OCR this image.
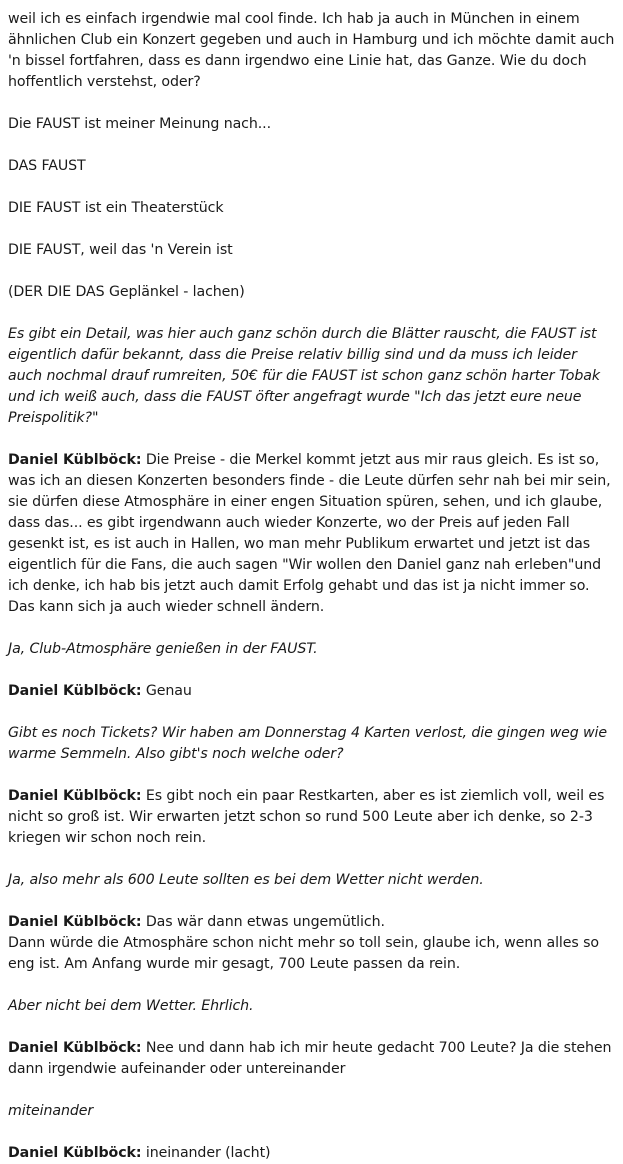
weil ich es einfach irgendwie mal cool finde. Ich hab ja auch in München in einem ähnlichen Club ein Konzert gegeben und auch in Hamburg und ich möchte damit auch 'n bissel fortfahren, dass es dann irgendwo eine Linie hat, das Ganze. Wie du doch hoffentlich verstehst, oder?

Die FAUST ist meiner Meinung nach...

DAS FAUST

DIE FAUST ist ein Theaterstück

DIE FAUST, weil das 'n Verein ist

(DER DIE DAS Geplänkel - lachen)

Es gibt ein Detail, was hier auch ganz schön durch die Blätter rauscht, die FAUST ist eigentlich dafür bekannt, dass die Preise relativ billig sind und da muss ich leider auch nochmal drauf rumreiten, 50€ für die FAUST ist schon ganz schön harter Tobak und ich weiß auch, dass die FAUST öfter angefragt wurde "Ich das jetzt eure neue Preispolitik?"

Daniel Küblböck: Die Preise - die Merkel kommt jetzt aus mir raus gleich. Es ist so, was ich an diesen Konzerten besonders finde - die Leute dürfen sehr nah bei mir sein, sie dürfen diese Atmosphäre in einer engen Situation spüren, sehen, und ich glaube, dass das... es gibt irgendwann auch wieder Konzerte, wo der Preis auf jeden Fall gesenkt ist, es ist auch in Hallen, wo man mehr Publikum erwartet und jetzt ist das eigentlich für die Fans, die auch sagen "Wir wollen den Daniel ganz nah erleben"und ich denke, ich hab bis jetzt auch damit Erfolg gehabt und das ist ja nicht immer so. Das kann sich ja auch wieder schnell ändern.

Ja, Club-Atmosphäre genießen in der FAUST.

Daniel Küblböck: Genau

Gibt es noch Tickets? Wir haben am Donnerstag 4 Karten verlost, die gingen weg wie warme Semmeln. Also gibt's noch welche oder?

Daniel Küblböck: Es gibt noch ein paar Restkarten, aber es ist ziemlich voll, weil es nicht so groß ist. Wir erwarten jetzt schon so rund 500 Leute aber ich denke, so 2-3 kriegen wir schon noch rein.

Ja, also mehr als 600 Leute sollten es bei dem Wetter nicht werden.

Daniel Küblböck: Das wär dann etwas ungemütlich.
Dann würde die Atmosphäre schon nicht mehr so toll sein, glaube ich, wenn alles so eng ist. Am Anfang wurde mir gesagt, 700 Leute passen da rein.

Aber nicht bei dem Wetter. Ehrlich.

Daniel Küblböck: Nee und dann hab ich mir heute gedacht 700 Leute? Ja die stehen dann irgendwie aufeinander oder untereinander

miteinander

Daniel Küblböck: ineinander (lacht)
